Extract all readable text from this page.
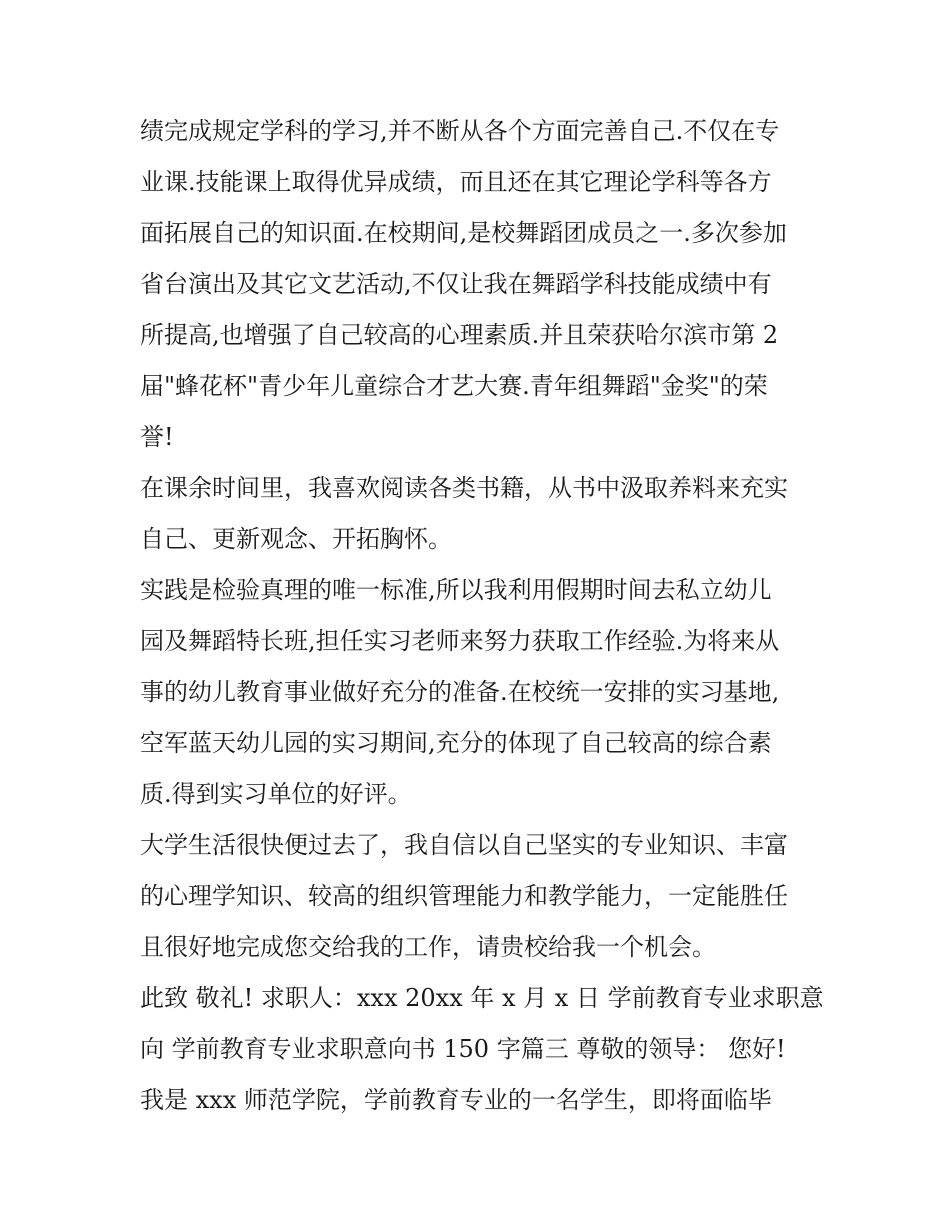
绩完成规定学科的学习,并不断从各个方面完善自己.不仅在专
业课.技能课上取得优异成绩，而且还在其它理论学科等各方
面拓展自己的知识面.在校期间,是校舞蹈团成员之一.多次参加
省台演出及其它文艺活动,不仅让我在舞蹈学科技能成绩中有
所提高,也增强了自己较高的心理素质.并且荣获哈尔滨市第 2
届"蜂花杯"青少年儿童综合才艺大赛.青年组舞蹈"金奖"的荣
誉!
在课余时间里，我喜欢阅读各类书籍，从书中汲取养料来充实
自己、更新观念、开拓胸怀。
实践是检验真理的唯一标准,所以我利用假期时间去私立幼儿
园及舞蹈特长班,担任实习老师来努力获取工作经验.为将来从
事的幼儿教育事业做好充分的准备.在校统一安排的实习基地,
空军蓝天幼儿园的实习期间,充分的体现了自己较高的综合素
质.得到实习单位的好评。
大学生活很快便过去了，我自信以自己坚实的专业知识、丰富
的心理学知识、较高的组织管理能力和教学能力，一定能胜任
且很好地完成您交给我的工作，请贵校给我一个机会。
此致 敬礼! 求职人：xxx 20xx 年 x 月 x 日 学前教育专业求职意
向 学前教育专业求职意向书 150 字篇三 尊敬的领导： 您好!
我是 xxx 师范学院，学前教育专业的一名学生，即将面临毕
